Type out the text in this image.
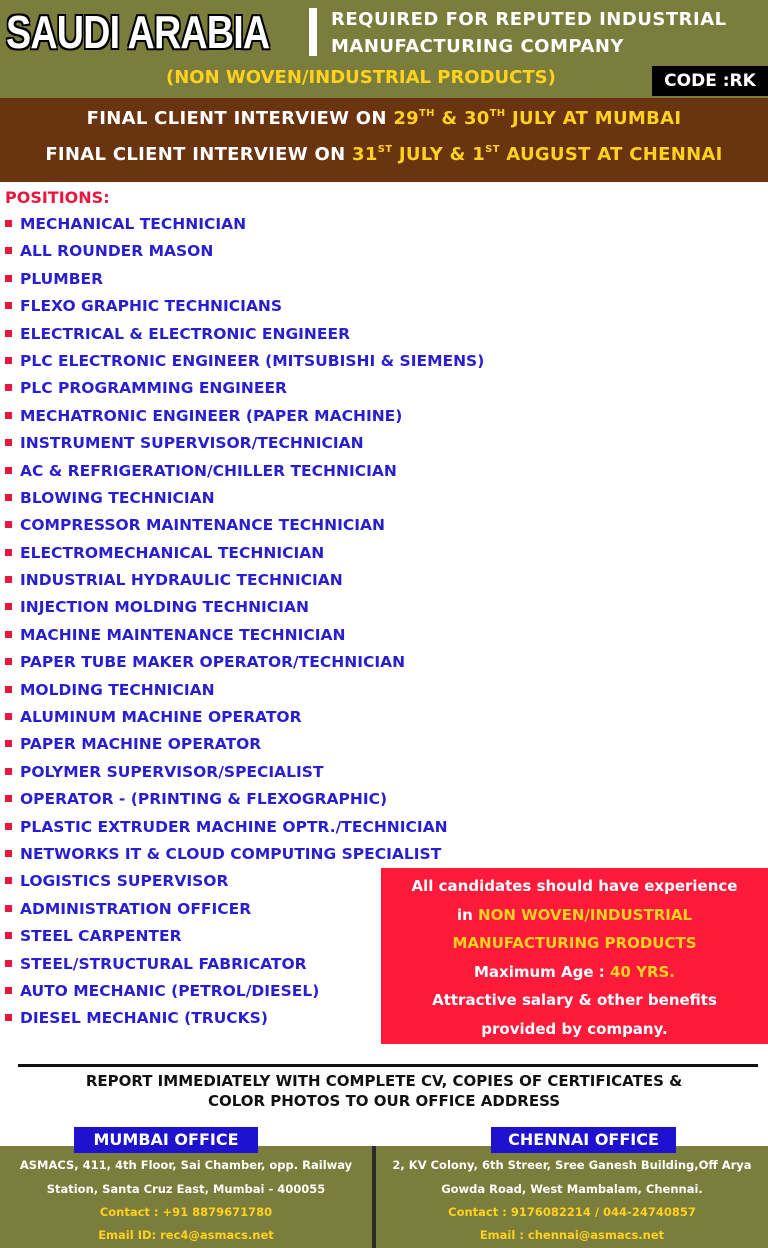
SAUDI ARABIA	REQUIRED FOR REPUTED INDUSTRIAL
MANUFACTURING COMPANY
(NON WOVEN/INDUSTRIAL PRODUCTS)	CODE :RK
FINAL CLIENT INTERVIEW ON 29TH & 30TH JULY AT MUMBAI
FINAL CLIENT INTERVIEW ON 31ST JULY & 1ST AUGUST AT CHENNAI
POSITIONS:
MECHANICAL TECHNICIAN
ALL ROUNDER MASON
PLUMBER
FLEXO GRAPHIC TECHNICIANS
ELECTRICAL & ELECTRONIC ENGINEER
PLC ELECTRONIC ENGINEER (MITSUBISHI & SIEMENS)
PLC PROGRAMMING ENGINEER
MECHATRONIC ENGINEER (PAPER MACHINE)
INSTRUMENT SUPERVISOR/TECHNICIAN
AC & REFRIGERATION/CHILLER TECHNICIAN
BLOWING TECHNICIAN
COMPRESSOR MAINTENANCE TECHNICIAN
ELECTROMECHANICAL TECHNICIAN
INDUSTRIAL HYDRAULIC TECHNICIAN
INJECTION MOLDING TECHNICIAN
MACHINE MAINTENANCE TECHNICIAN
PAPER TUBE MAKER OPERATOR/TECHNICIAN
MOLDING TECHNICIAN
ALUMINUM MACHINE OPERATOR
PAPER MACHINE OPERATOR
POLYMER SUPERVISOR/SPECIALIST
OPERATOR - (PRINTING & FLEXOGRAPHIC)
PLASTIC EXTRUDER MACHINE OPTR./TECHNICIAN
NETWORKS IT & CLOUD COMPUTING SPECIALIST
LOGISTICS SUPERVISOR
ADMINISTRATION OFFICER
STEEL CARPENTER
STEEL/STRUCTURAL FABRICATOR
AUTO MECHANIC (PETROL/DIESEL)
DIESEL MECHANIC (TRUCKS)
All candidates should have experience
in NON WOVEN/INDUSTRIAL
MANUFACTURING PRODUCTS
Maximum Age : 40 YRS.
Attractive salary & other benefits
provided by company.
REPORT IMMEDIATELY WITH COMPLETE CV, COPIES OF CERTIFICATES &
COLOR PHOTOS TO OUR OFFICE ADDRESS
ASMACS, 411, 4th Floor, Sai Chamber, opp. Railway
Station, Santa Cruz East, Mumbai - 400055
Contact : +91 8879671780
Email ID: rec4@asmacs.net
2, KV Colony, 6th Streer, Sree Ganesh Building,Off Arya
Gowda Road, West Mambalam, Chennai.
Contact : 9176082214 / 044-24740857
Email : chennai@asmacs.net
MUMBAI OFFICE	CHENNAI OFFICE
